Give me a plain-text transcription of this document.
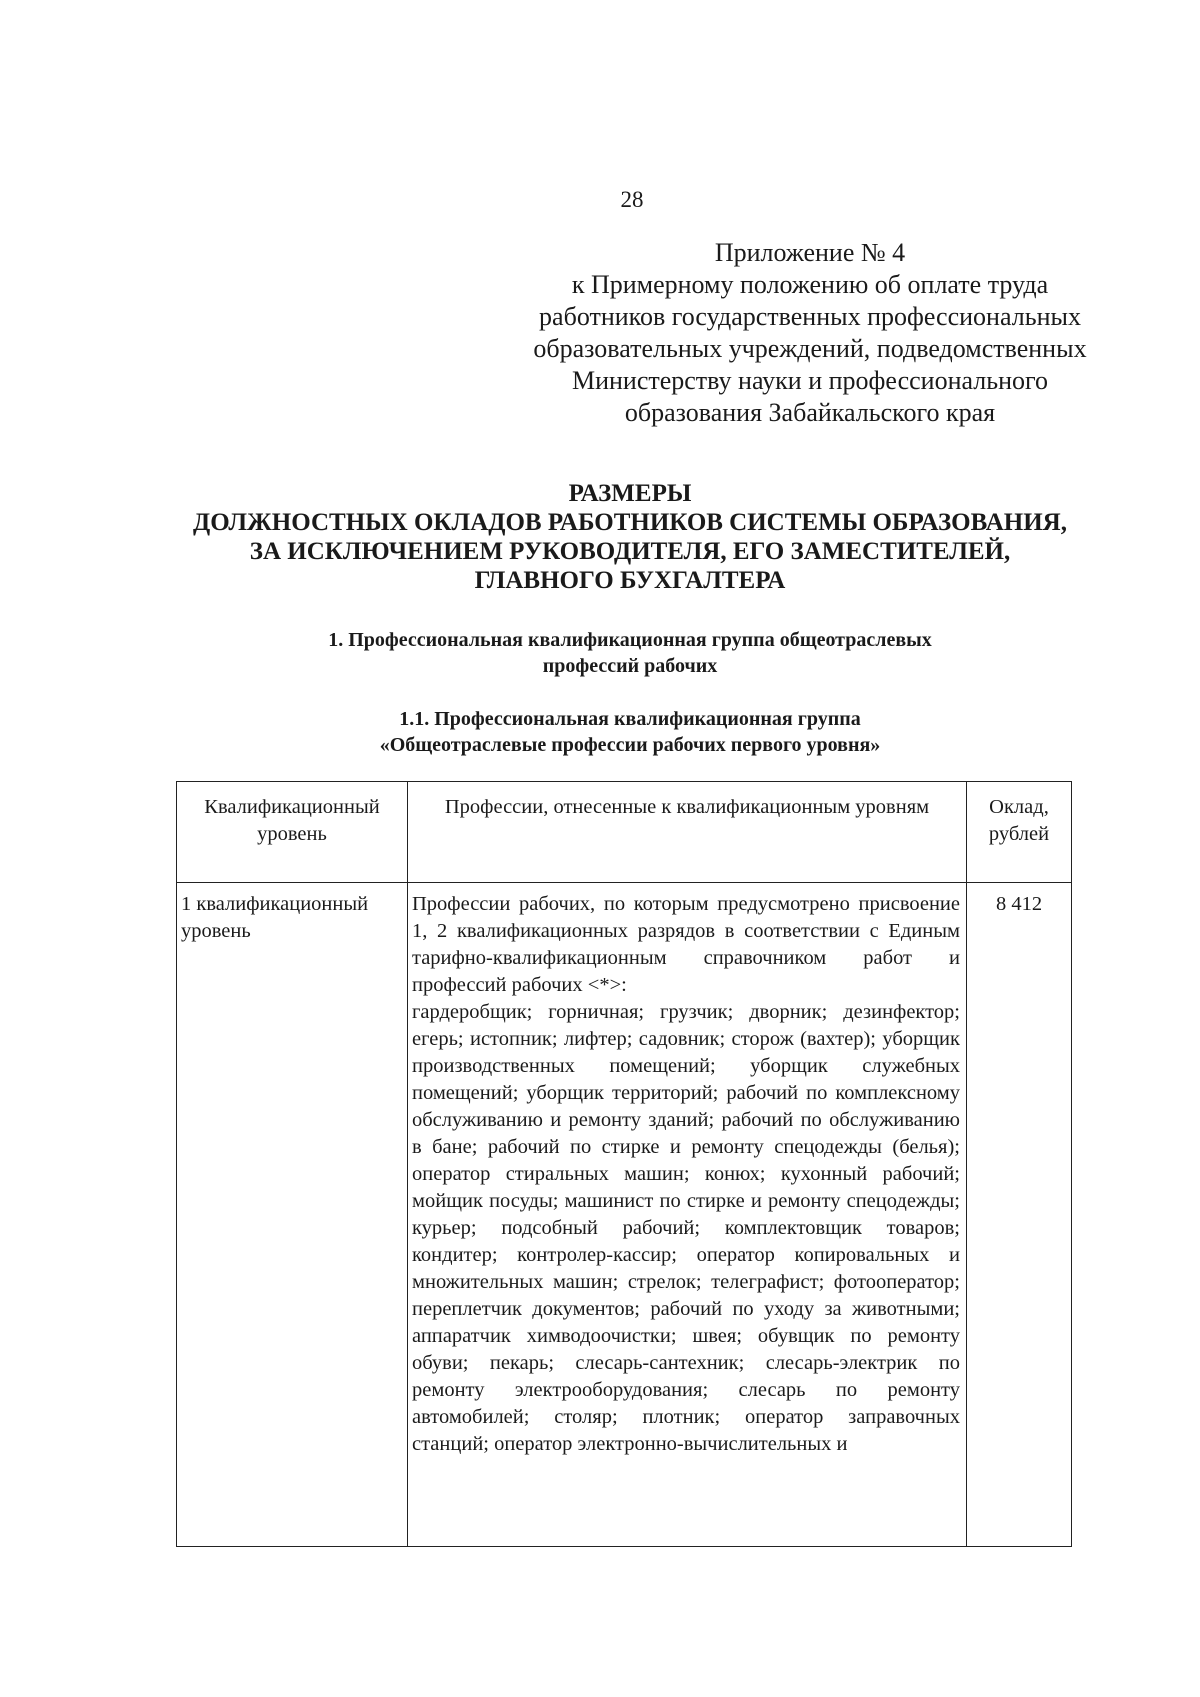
28
Приложение № 4
к Примерному положению об оплате труда
работников государственных профессиональных
образовательных учреждений, подведомственных
Министерству науки и профессионального
образования Забайкальского края
РАЗМЕРЫ
ДОЛЖНОСТНЫХ ОКЛАДОВ РАБОТНИКОВ СИСТЕМЫ ОБРАЗОВАНИЯ,
ЗА ИСКЛЮЧЕНИЕМ РУКОВОДИТЕЛЯ, ЕГО ЗАМЕСТИТЕЛЕЙ,
ГЛАВНОГО БУХГАЛТЕРА
1. Профессиональная квалификационная группа общеотраслевых
профессий рабочих
1.1. Профессиональная квалификационная группа
«Общеотраслевые профессии рабочих первого уровня»
Квалификационный уровень	Профессии, отнесенные к квалификационным уровням	Оклад, рублей
1 квалификационный уровень	Профессии рабочих, по которым предусмотрено присвоение 1, 2 квалификационных разрядов в соответствии с Единым тарифно-квалификационным справочником работ и профессий рабочих <*>:
гардеробщик; горничная; грузчик; дворник; дезинфектор; егерь; истопник; лифтер; садовник; сторож (вахтер); уборщик производственных помещений; уборщик служебных помещений; уборщик территорий; рабочий по комплексному обслуживанию и ремонту зданий; рабочий по обслуживанию в бане; рабочий по стирке и ремонту спецодежды (белья); оператор стиральных машин; конюх; кухонный рабочий; мойщик посуды; машинист по стирке и ремонту спецодежды; курьер; подсобный рабочий; комплектовщик товаров; кондитер; контролер-кассир; оператор копировальных и множительных машин; стрелок; телеграфист; фотооператор; переплетчик документов; рабочий по уходу за животными; аппаратчик химводоочистки; швея; обувщик по ремонту обуви; пекарь; слесарь-сантехник; слесарь-электрик по ремонту электрооборудования; слесарь по ремонту автомобилей; столяр; плотник; оператор заправочных станций; оператор электронно-вычислительных и	8 412
